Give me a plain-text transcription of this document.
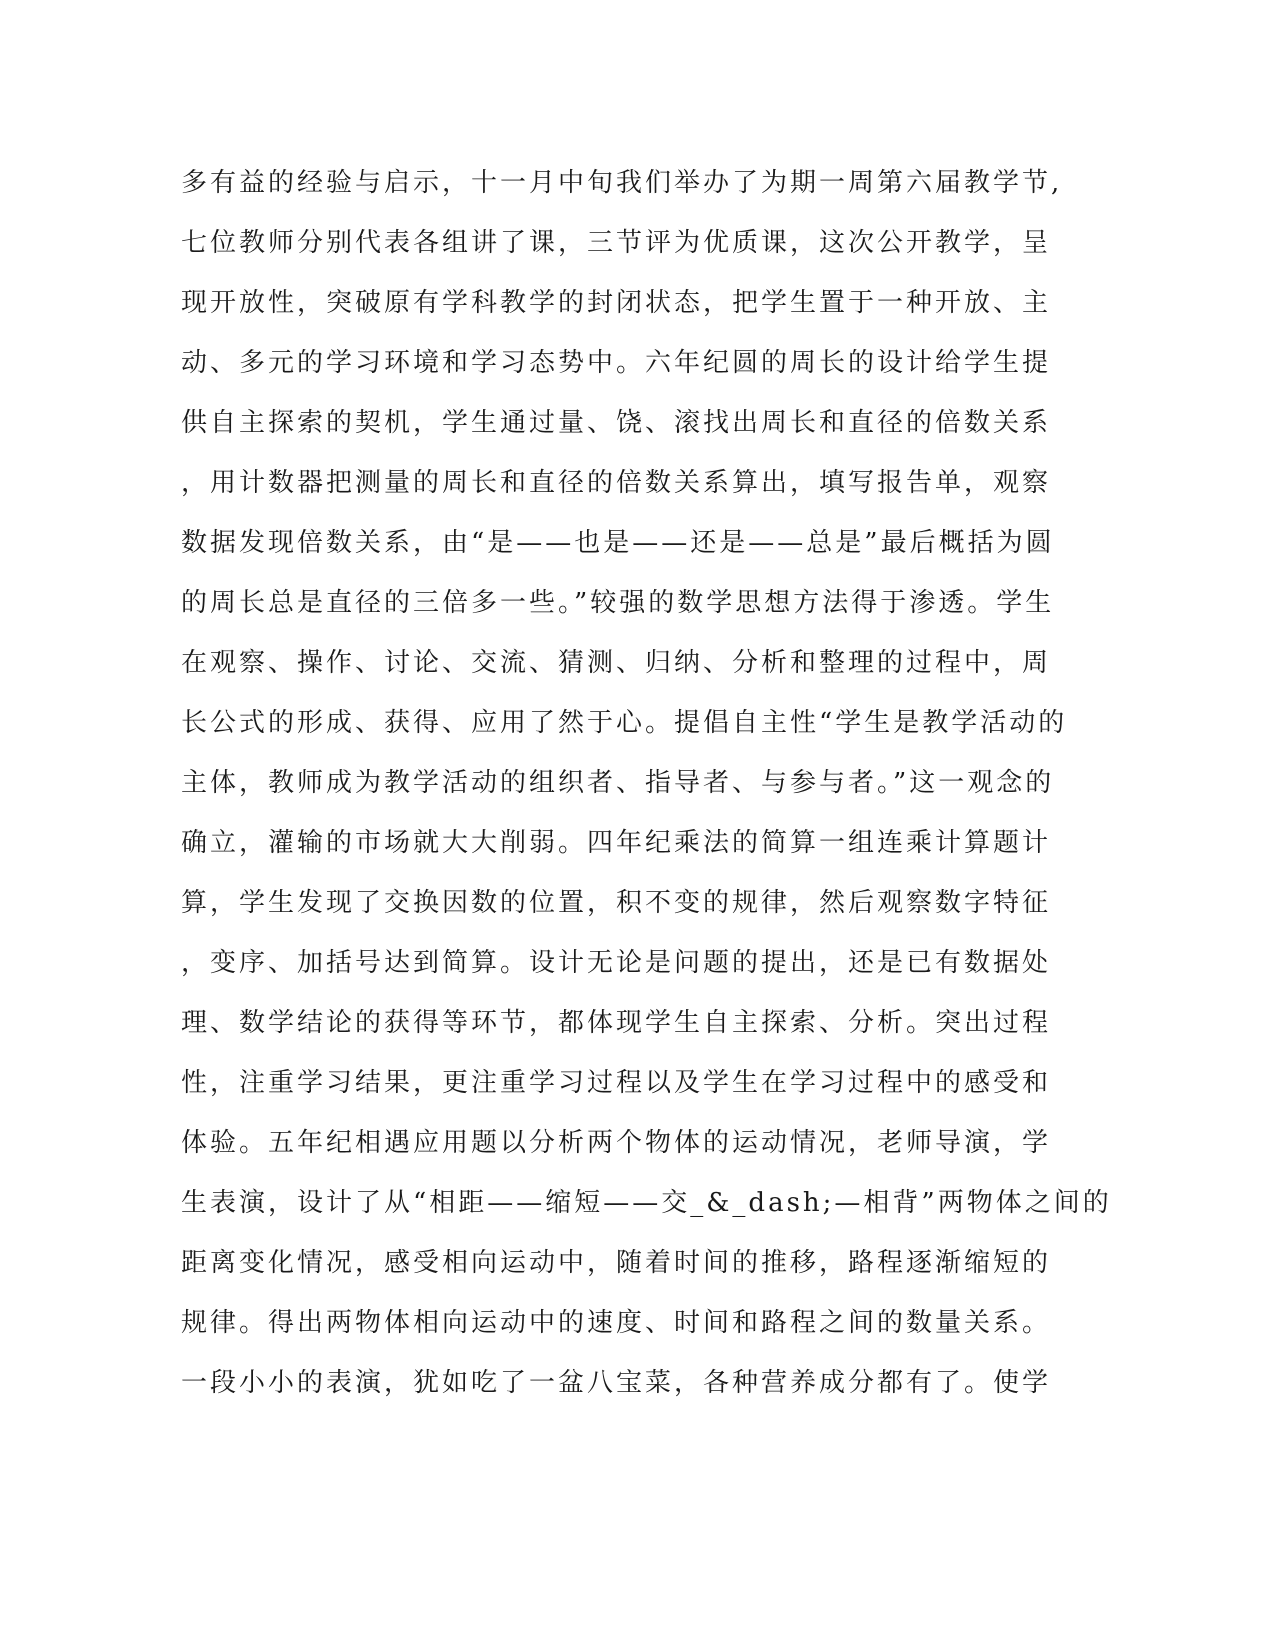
多有益的经验与启示，十一月中旬我们举办了为期一周第六届教学节,
七位教师分别代表各组讲了课，三节评为优质课，这次公开教学，呈
现开放性，突破原有学科教学的封闭状态，把学生置于一种开放、主
动、多元的学习环境和学习态势中。六年纪圆的周长的设计给学生提
供自主探索的契机，学生通过量、饶、滚找出周长和直径的倍数关系
，用计数器把测量的周长和直径的倍数关系算出，填写报告单，观察
数据发现倍数关系，由“是——也是——还是——总是”最后概括为圆
的周长总是直径的三倍多一些。”较强的数学思想方法得于渗透。学生
在观察、操作、讨论、交流、猜测、归纳、分析和整理的过程中，周
长公式的形成、获得、应用了然于心。提倡自主性“学生是教学活动的
主体，教师成为教学活动的组织者、指导者、与参与者。”这一观念的
确立，灌输的市场就大大削弱。四年纪乘法的简算一组连乘计算题计
算，学生发现了交换因数的位置，积不变的规律，然后观察数字特征
，变序、加括号达到简算。设计无论是问题的提出，还是已有数据处
理、数学结论的获得等环节，都体现学生自主探索、分析。突出过程
性，注重学习结果，更注重学习过程以及学生在学习过程中的感受和
体验。五年纪相遇应用题以分析两个物体的运动情况，老师导演，学
生表演，设计了从“相距——缩短——交_&_dash;—相背”两物体之间的
距离变化情况，感受相向运动中，随着时间的推移，路程逐渐缩短的
规律。得出两物体相向运动中的速度、时间和路程之间的数量关系。
一段小小的表演，犹如吃了一盆八宝菜，各种营养成分都有了。使学
